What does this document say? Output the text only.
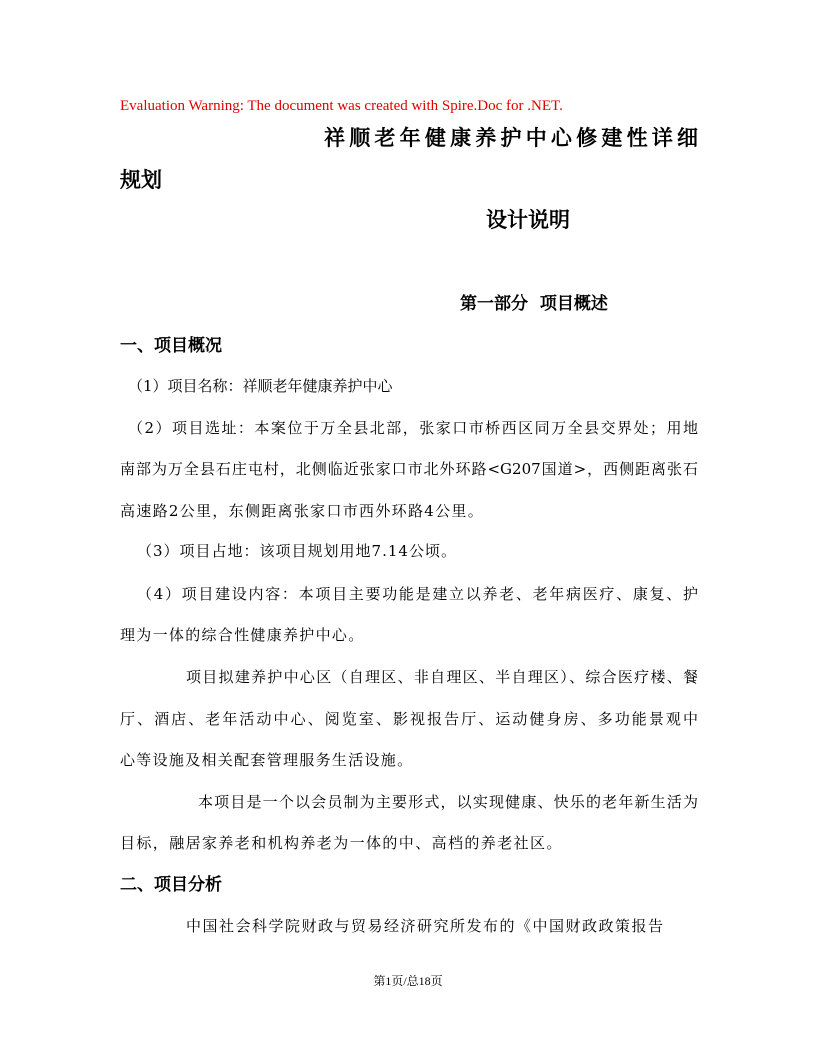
Evaluation Warning: The document was created with Spire.Doc for .NET.
祥顺老年健康养护中心修建性详细
规划
设计说明
第一部分  项目概述
一、项目概况
（1）项目名称：祥顺老年健康养护中心
（2）项目选址：本案位于万全县北部，张家口市桥西区同万全县交界处；用地
南部为万全县石庄屯村，北侧临近张家口市北外环路<G207国道>，西侧距离张石
高速路2公里，东侧距离张家口市西外环路4公里。
（3）项目占地：该项目规划用地7.14公顷。
（4）项目建设内容：本项目主要功能是建立以养老、老年病医疗、康复、护
理为一体的综合性健康养护中心。
项目拟建养护中心区（自理区、非自理区、半自理区）、综合医疗楼、餐
厅、酒店、老年活动中心、阅览室、影视报告厅、运动健身房、多功能景观中
心等设施及相关配套管理服务生活设施。
本项目是一个以会员制为主要形式，以实现健康、快乐的老年新生活为
目标，融居家养老和机构养老为一体的中、高档的养老社区。
二、项目分析
中国社会科学院财政与贸易经济研究所发布的《中国财政政策报告
第1页/总18页
